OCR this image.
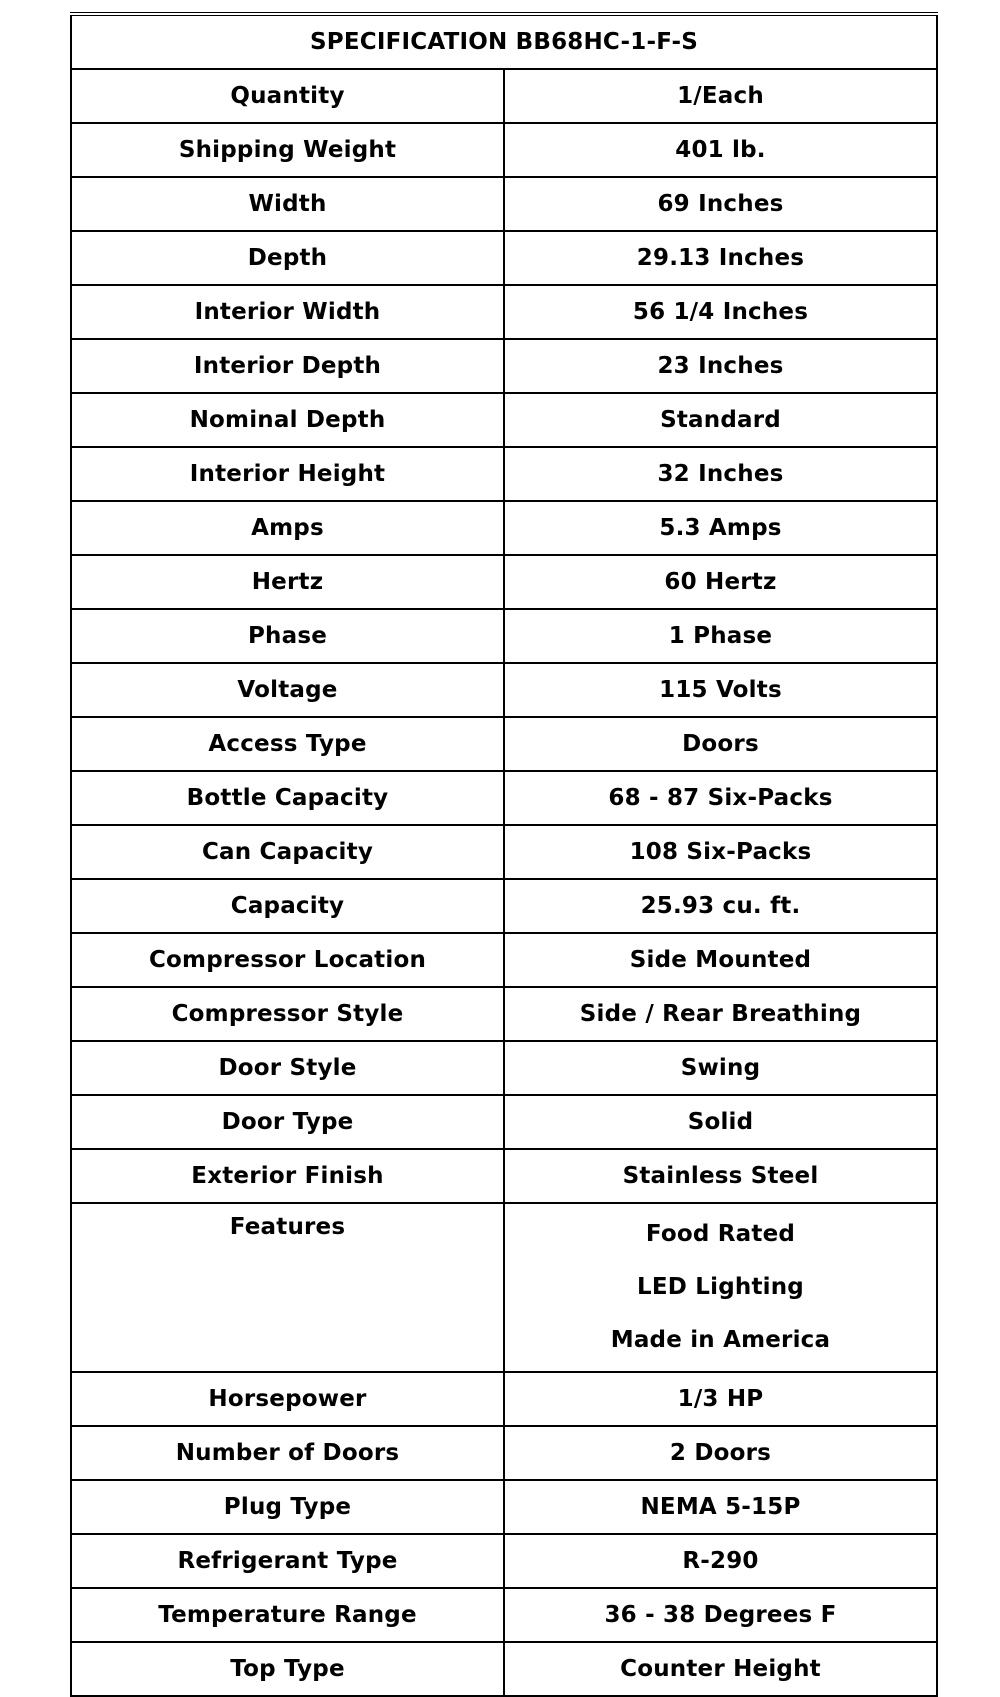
SPECIFICATION BB68HC-1-F-S	
Quantity	1/Each
Shipping Weight	401 lb.
Width	69 Inches
Depth	29.13 Inches
Interior Width	56 1/4 Inches
Interior Depth	23 Inches
Nominal Depth	Standard
Interior Height	32 Inches
Amps	5.3 Amps
Hertz	60 Hertz
Phase	1 Phase
Voltage	115 Volts
Access Type	Doors
Bottle Capacity	68 - 87 Six-Packs
Can Capacity	108 Six-Packs
Capacity	25.93 cu. ft.
Compressor Location	Side Mounted
Compressor Style	Side / Rear Breathing
Door Style	Swing
Door Type	Solid
Exterior Finish	Stainless Steel
Features	Food Rated
LED Lighting
Made in America

Horsepower	1/3 HP
Number of Doors	2 Doors
Plug Type	NEMA 5-15P
Refrigerant Type	R-290
Temperature Range	36 - 38 Degrees F
Top Type	Counter Height
